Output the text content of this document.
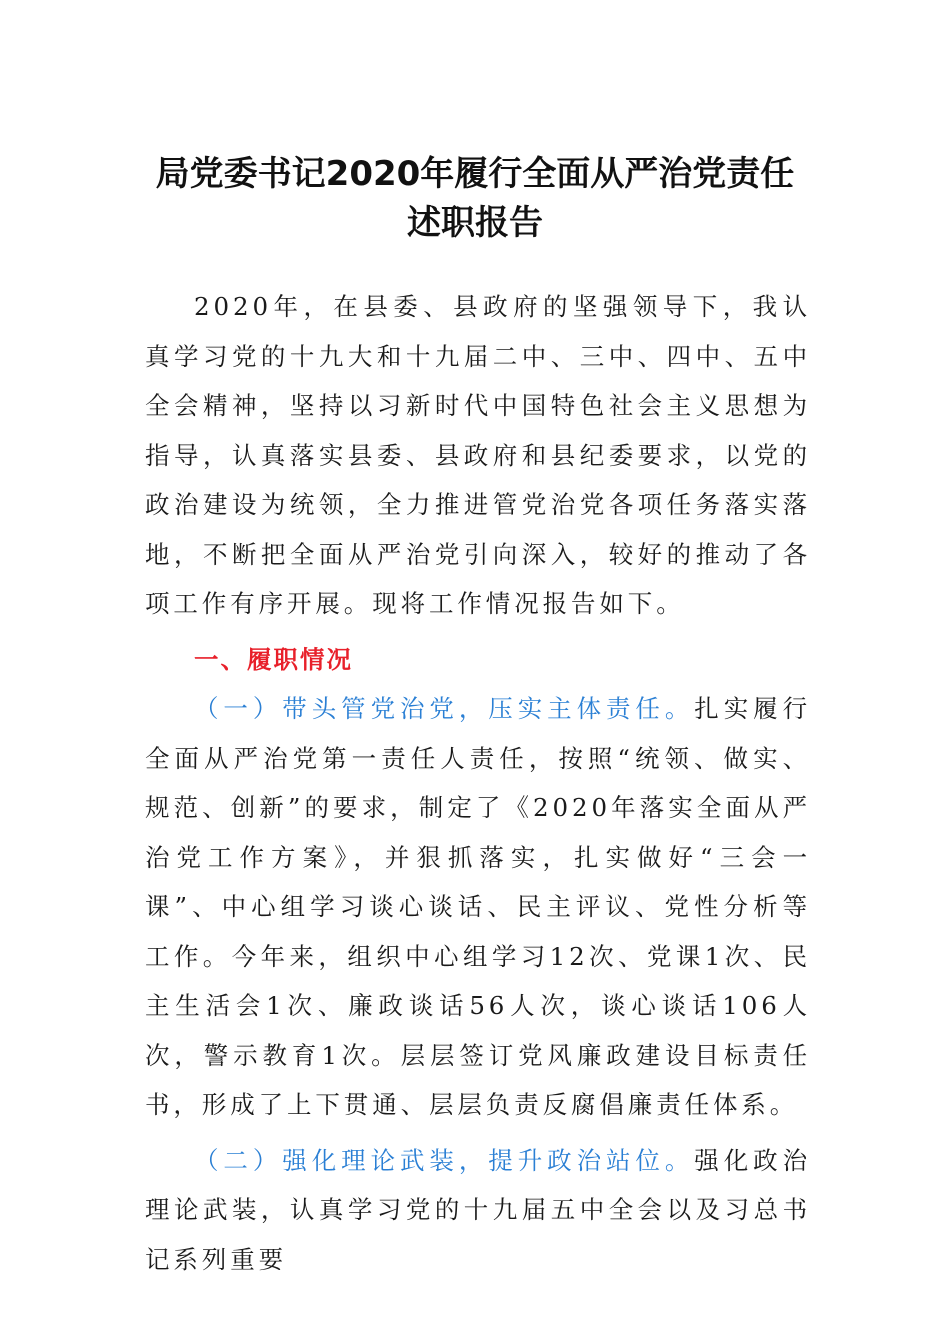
局党委书记2020年履行全面从严治党责任
述职报告

2020年，在县委、县政府的坚强领导下，我认真学习党的十九大和十九届二中、三中、四中、五中全会精神，坚持以习新时代中国特色社会主义思想为指导，认真落实县委、县政府和县纪委要求，以党的政治建设为统领，全力推进管党治党各项任务落实落地，不断把全面从严治党引向深入，较好的推动了各项工作有序开展。现将工作情况报告如下。

一、履职情况

（一）带头管党治党，压实主体责任。扎实履行全面从严治党第一责任人责任，按照“统领、做实、规范、创新”的要求，制定了《2020年落实全面从严治党工作方案》，并狠抓落实，扎实做好“三会一课”、中心组学习谈心谈话、民主评议、党性分析等工作。今年来，组织中心组学习12次、党课1次、民主生活会1次、廉政谈话56人次，谈心谈话106人次，警示教育1次。层层签订党风廉政建设目标责任书，形成了上下贯通、层层负责反腐倡廉责任体系。

（二）强化理论武装，提升政治站位。强化政治理论武装，认真学习党的十九届五中全会以及习总书记系列重要
